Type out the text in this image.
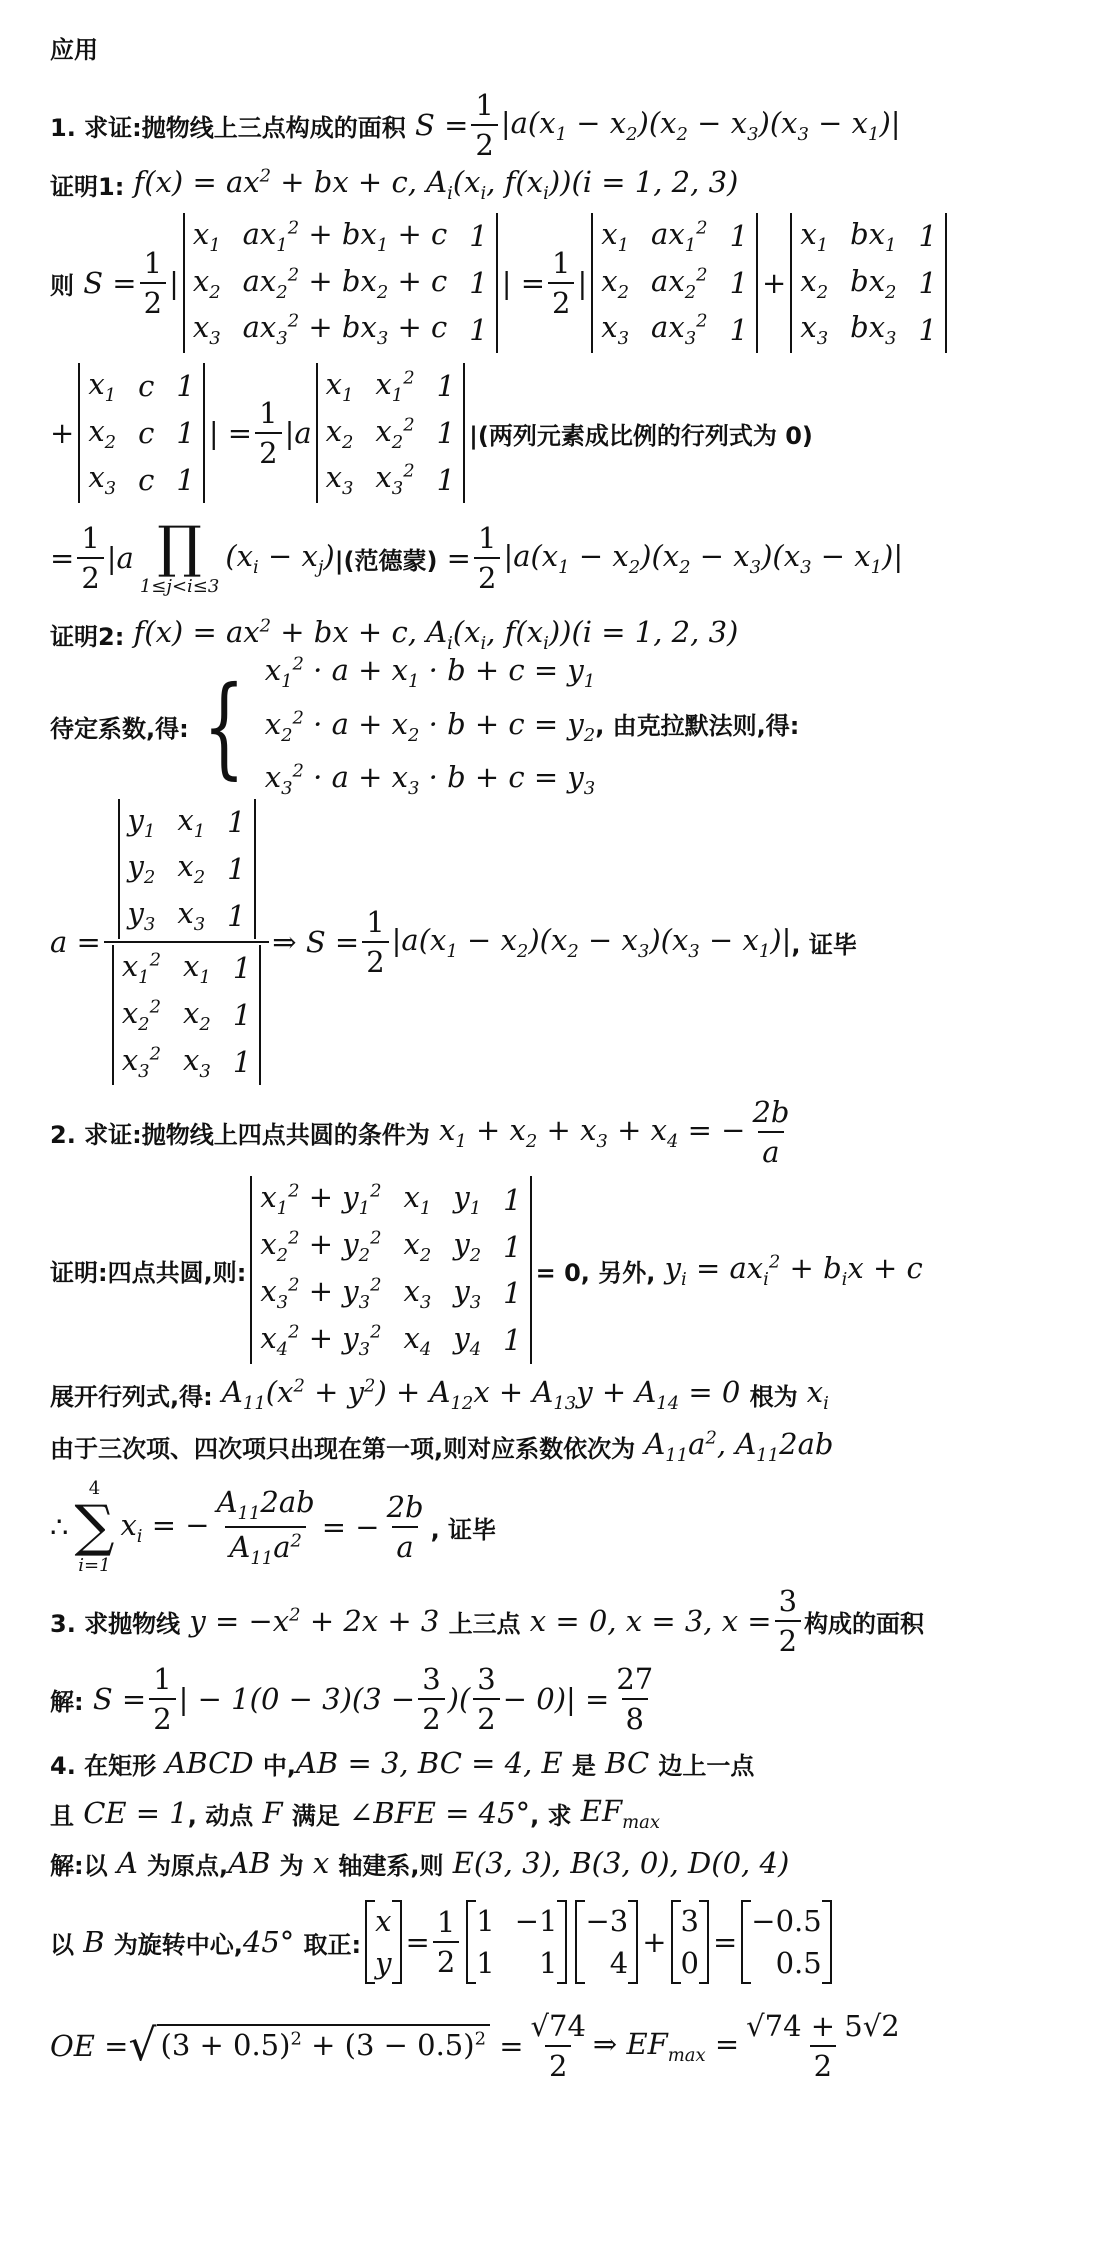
应用
1. 求证:抛物线上三点构成的面积 $S = \frac{1}{2} |a(x_1 - x_2)(x_2 - x_3)(x_3 - x_1)|$
证明1: $f(x) = ax^2$ + bx + c, $A_i(x_i$, $f(x_i))(i = 1$, 2, 3)
则 $S = \frac{1}{2}$ |
$x_1$ $ax_1^2 + bx_1 + c$ 1
$x_2$ $ax_2^2 + bx_2 + c$ 1
$x_3$ $ax_3^2 + bx_3 + c$ 1
| = $\frac{1}{2}$ |
$x_1$ $ax_1^2$ 1
$x_2$ $ax_2^2$ 1
$x_3$ $ax_3^2$ 1
+
$x_1$ $bx_1$ 1
$x_2$ $bx_2$ 1
$x_3$ $bx_3$ 1
+
$x_1$ c 1
$x_2$ c 1
$x_3$ c 1
| = $\frac{1}{2} |a$
$x_1$ $x_1^2$ 1
$x_2$ $x_2^2$ 1
$x_3$ $x_3^2$ 1
|(两列元素成比例的行列式为 0)
= $\frac{1}{2} |a$ ∏
1≤j<i≤3
$(x_i - x_j)$ |(范德蒙) = $\frac{1}{2} |a(x_1 - x_2)(x_2 - x_3)(x_3 - x_1)|$
证明2: $f(x) = ax^2$ + bx + c, $A_i(x_i$, $f(x_i))(i = 1$, 2, 3)
待定系数,得: { $x_1^2 \cdot a + x_1 \cdot b + c = y_1$
$x_2^2 \cdot a + x_2 \cdot b + c = y_2$, 由克拉默法则,得:
$x_3^2 \cdot a + x_3 \cdot b + c = y_3$
$a = y_1$ $x_1$ 1
$y_2$ $x_2$ 1
$y_3$ $x_3$ 1
$x_1^2$ $x_1$ 1
$x_2^2$ $x_2$ 1
$x_3^2$ $x_3$ 1 ⇒ $S = \frac{1}{2} |a(x_1 - x_2)(x_2 - x_3)(x_3 - x_1)|$ , 证毕
2. 求证:抛物线上四点共圆的条件为 $x_1 + x_2 + x_3 + x_4$ = − $\frac{2b}{a}$
证明:四点共圆,则:
$x_1^2 + y_1^2$ $x_1$ $y_1$ 1
$x_2^2 + y_2^2$ $x_2$ $y_2$ 1
$x_3^2 + y_3^2$ $x_3$ $y_3$ 1
$x_4^2 + y_3^2$ $x_4$ $y_4$ 1
= 0, 另外, $y_i = ax_i^2 + b_ix + c$
展开行列式,得: $A_{11}(x^2 + y^2) + A_{12}x + A_{13}y + A_{14} = 0$ 根为 $x_i$
由于三次项、四次项只出现在第一项,则对应系数依次为 $A_{11}a^2$, $A_{11}2ab$
∴
4
∑
i=1
$x_i$ = − $\frac{A_{11}2ab}{A_{11}a^2}$ = − $\frac{2b}{a}$ , 证毕
3. 求抛物线 $y = -x^2 + 2x + 3$ 上三点 x = 0, x = 3, $x = \frac{3}{2}$ 构成的面积
解: $S = \frac{1}{2}$ | − $1(0 - 3)(3 - \frac{3}{2}$ )( $\frac{3}{2} - 0)| = \frac{27}{8}$
4. 在矩形 ABCD 中, AB = 3, BC = 4, E 是 BC 边上一点
且 CE = 1 , 动点 F 满足 ∠BFE = 45° , 求 $EF_{max}$
解:以 A 为原点, AB 为 x 轴建系,则 E(3, 3), B(3, 0), D(0, 4)
以 B 为旋转中心, 45° 取正:
x
y
= $\frac{1}{2} 1 -1$
1	1
−3
4
+
3
0
=
−0.5
0.5
OE = √ $(3 + 0.5)^2 + (3 - 0.5)^2 = \frac{√74}{2}$ ⇒ $EF_{max} = \frac{√74 + 5√2}{2}$
